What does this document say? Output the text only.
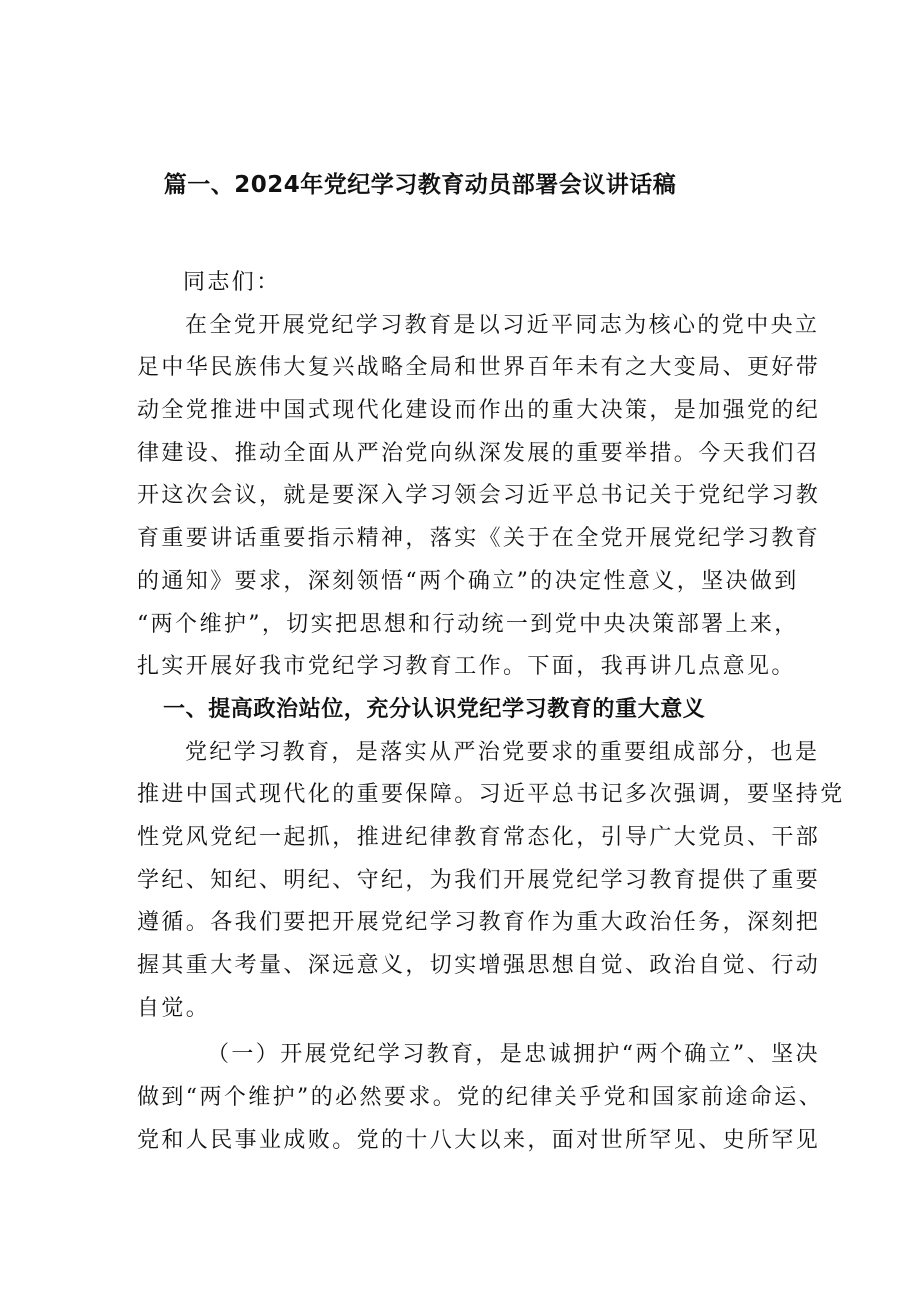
篇一、2024年党纪学习教育动员部署会议讲话稿
同志们：
在全党开展党纪学习教育是以习近平同志为核心的党中央立
足中华民族伟大复兴战略全局和世界百年未有之大变局、更好带
动全党推进中国式现代化建设而作出的重大决策，是加强党的纪
律建设、推动全面从严治党向纵深发展的重要举措。今天我们召
开这次会议，就是要深入学习领会习近平总书记关于党纪学习教
育重要讲话重要指示精神，落实《关于在全党开展党纪学习教育
的通知》要求，深刻领悟“两个确立”的决定性意义，坚决做到
“两个维护”，切实把思想和行动统一到党中央决策部署上来，
扎实开展好我市党纪学习教育工作。下面，我再讲几点意见。
一、提高政治站位，充分认识党纪学习教育的重大意义
党纪学习教育，是落实从严治党要求的重要组成部分，也是
推进中国式现代化的重要保障。习近平总书记多次强调，要坚持党
性党风党纪一起抓，推进纪律教育常态化，引导广大党员、干部
学纪、知纪、明纪、守纪，为我们开展党纪学习教育提供了重要
遵循。各我们要把开展党纪学习教育作为重大政治任务，深刻把
握其重大考量、深远意义，切实增强思想自觉、政治自觉、行动
自觉。
（一）开展党纪学习教育，是忠诚拥护“两个确立”、坚决
做到“两个维护”的必然要求。党的纪律关乎党和国家前途命运、
党和人民事业成败。党的十八大以来，面对世所罕见、史所罕见
